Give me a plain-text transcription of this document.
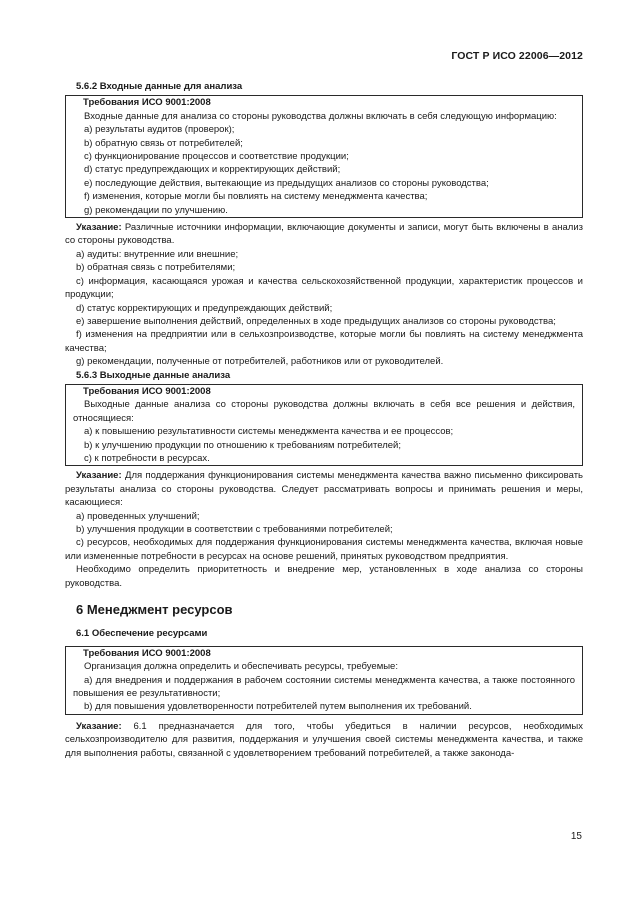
ГОСТ Р ИСО 22006—2012
5.6.2 Входные данные для анализа
Требования ИСО 9001:2008
Входные данные для анализа со стороны руководства должны включать в себя следующую информацию:
a) результаты аудитов (проверок);
b) обратную связь от потребителей;
c) функционирование процессов и соответствие продукции;
d) статус предупреждающих и корректирующих действий;
e) последующие действия, вытекающие из предыдущих анализов со стороны руководства;
f) изменения, которые могли бы повлиять на систему менеджмента качества;
g) рекомендации по улучшению.
Указание: Различные источники информации, включающие документы и записи, могут быть включены в анализ со стороны руководства.
a) аудиты: внутренние или внешние;
b) обратная связь с потребителями;
c) информация, касающаяся урожая и качества сельскохозяйственной продукции, характеристик процессов и продукции;
d) статус корректирующих и предупреждающих действий;
e) завершение выполнения действий, определенных в ходе предыдущих анализов со стороны руководства;
f) изменения на предприятии или в сельхозпроизводстве, которые могли бы повлиять на систему менеджмента качества;
g) рекомендации, полученные от потребителей, работников или от руководителей.
5.6.3 Выходные данные анализа
Требования ИСО 9001:2008
Выходные данные анализа со стороны руководства должны включать в себя все решения и действия, относящиеся:
a) к повышению результативности системы менеджмента качества и ее процессов;
b) к улучшению продукции по отношению к требованиям потребителей;
c) к потребности в ресурсах.
Указание: Для поддержания функционирования системы менеджмента качества важно письменно фиксировать результаты анализа со стороны руководства. Следует рассматривать вопросы и принимать решения и меры, касающиеся:
a) проведенных улучшений;
b) улучшения продукции в соответствии с требованиями потребителей;
c) ресурсов, необходимых для поддержания функционирования системы менеджмента качества, включая новые или измененные потребности в ресурсах на основе решений, принятых руководством предприятия.
Необходимо определить приоритетность и внедрение мер, установленных в ходе анализа со стороны руководства.
6 Менеджмент ресурсов
6.1 Обеспечение ресурсами
Требования ИСО 9001:2008
Организация должна определить и обеспечивать ресурсы, требуемые:
a) для внедрения и поддержания в рабочем состоянии системы менеджмента качества, а также постоянного повышения ее результативности;
b) для повышения удовлетворенности потребителей путем выполнения их требований.
Указание: 6.1 предназначается для того, чтобы убедиться в наличии ресурсов, необходимых сельхозпроизводителю для развития, поддержания и улучшения своей системы менеджмента качества, и также для выполнения работы, связанной с удовлетворением требований потребителей, а также законода-
15
